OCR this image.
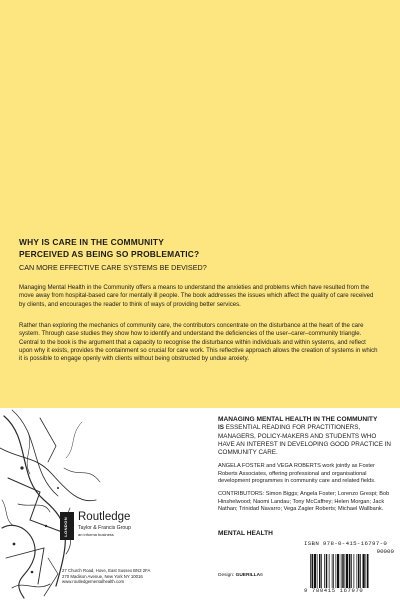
WHY IS CARE IN THE COMMUNITY
PERCEIVED AS BEING SO PROBLEMATIC?

CAN MORE EFFECTIVE CARE SYSTEMS BE DEVISED?

Managing Mental Health in the Community offers a means to understand the anxieties and problems which have resulted from the move away from hospital-based care for mentally ill people. The book addresses the issues which affect the quality of care received by clients, and encourages the reader to think of ways of providing better services.

Rather than exploring the mechanics of community care, the contributors concentrate on the disturbance at the heart of the care system. Through case studies they show how to identify and understand the deficiencies of the user–carer–community triangle. Central to the book is the argument that a capacity to recognise the disturbance within individuals and within systems, and reflect upon why it exists, provides the containment so crucial for care work. This reflective approach allows the creation of systems in which it is possible to engage openly with clients without being obstructed by undue anxiety.

MANAGING MENTAL HEALTH IN THE COMMUNITY

IS ESSENTIAL READING FOR PRACTITIONERS, MANAGERS, POLICY-MAKERS AND STUDENTS WHO HAVE AN INTEREST IN DEVELOPING GOOD PRACTICE IN COMMUNITY CARE.

ANGELA FOSTER and VEGA ROBERTS work jointly as Foster Roberts Associates, offering professional and organisational development programmes in community care and related fields.

CONTRIBUTORS: Simon Biggs; Angela Foster; Lorenzo Grespi; Bob Hinshelwood; Naomi Landau; Tony McCaffrey; Helen Morgan; Jack Nathan; Trinidad Navarro; Vega Zagier Roberts; Michael Wallbank.

MENTAL HEALTH

Design: GUERILLA6

LONDON Routledge
Taylor & Francis Group
an informa business

27 Church Road, Hove, East Sussex BN3 2FA
270 Madison Avenue, New York NY 10016
www.routledgementalhealth.com

ISBN 978-0-415-16797-0
90000
9 780415 167970
